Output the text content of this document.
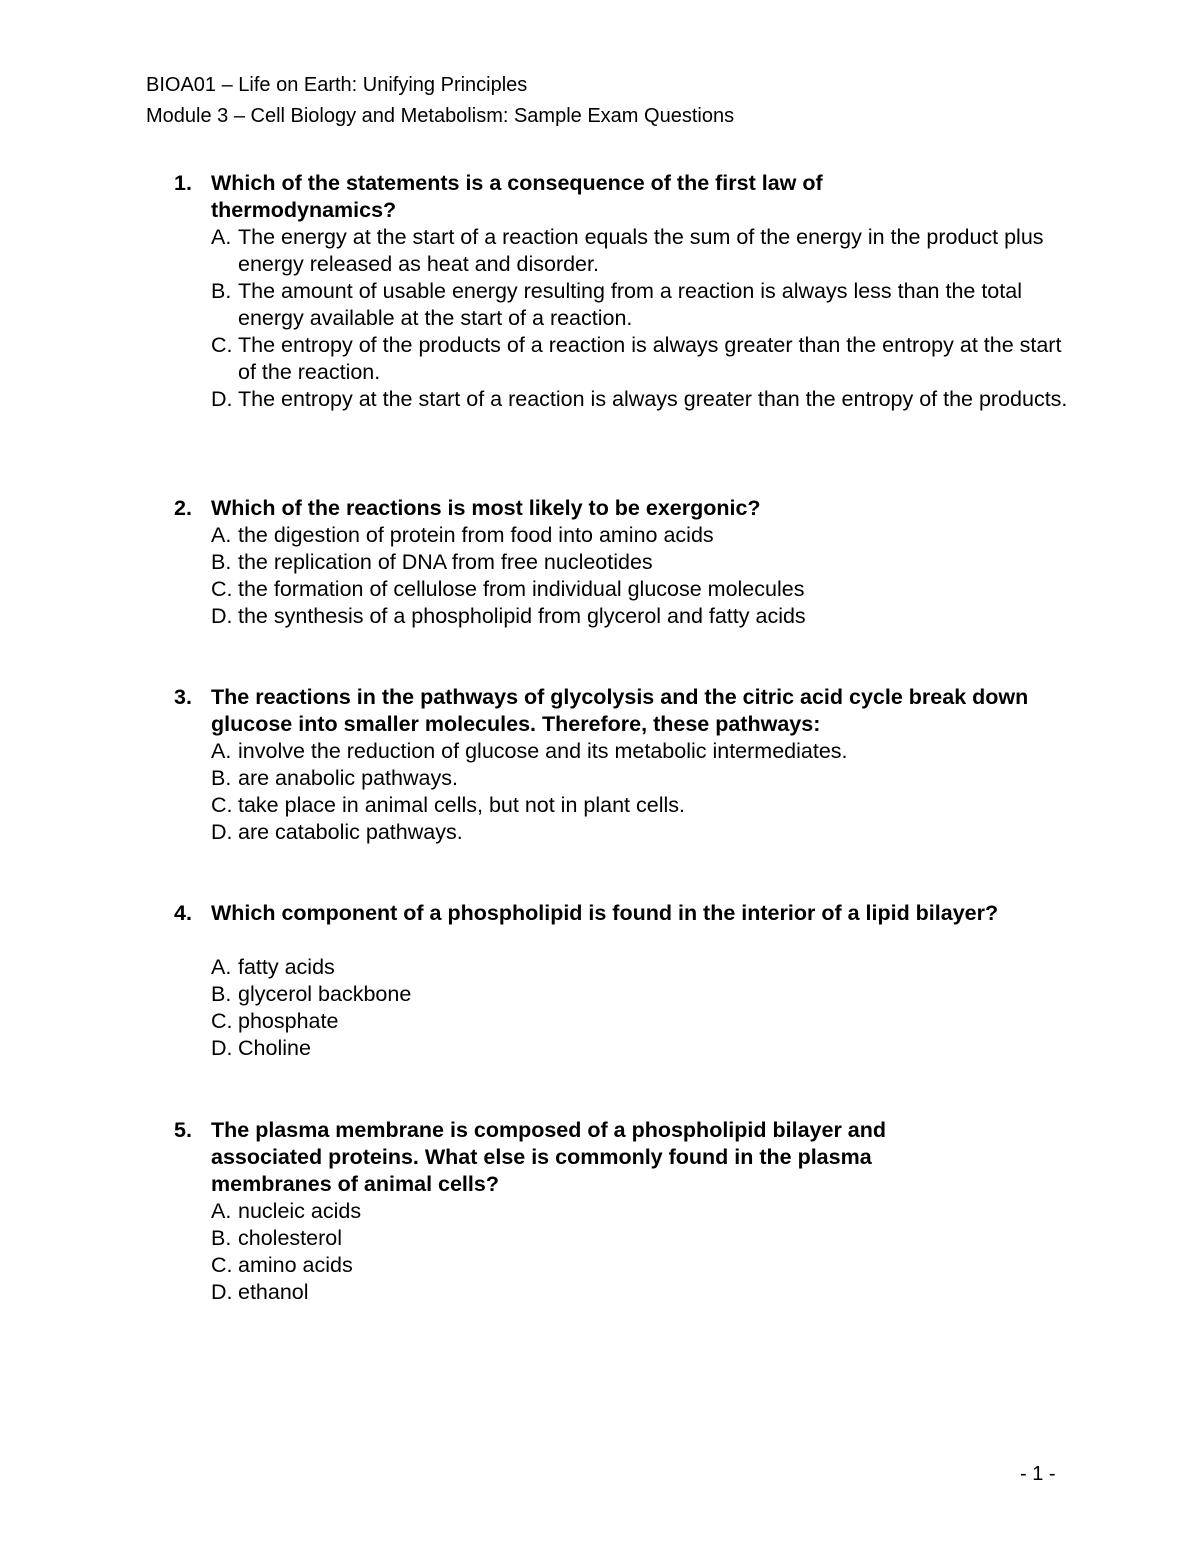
BIOA01 – Life on Earth: Unifying Principles
Module 3 – Cell Biology and Metabolism: Sample Exam Questions
1. Which of the statements is a consequence of the first law of thermodynamics?
A. The energy at the start of a reaction equals the sum of the energy in the product plus energy released as heat and disorder.
B. The amount of usable energy resulting from a reaction is always less than the total energy available at the start of a reaction.
C. The entropy of the products of a reaction is always greater than the entropy at the start of the reaction.
D. The entropy at the start of a reaction is always greater than the entropy of the products.
2. Which of the reactions is most likely to be exergonic?
A. the digestion of protein from food into amino acids
B. the replication of DNA from free nucleotides
C. the formation of cellulose from individual glucose molecules
D. the synthesis of a phospholipid from glycerol and fatty acids
3. The reactions in the pathways of glycolysis and the citric acid cycle break down glucose into smaller molecules. Therefore, these pathways:
A. involve the reduction of glucose and its metabolic intermediates.
B. are anabolic pathways.
C. take place in animal cells, but not in plant cells.
D. are catabolic pathways.
4. Which component of a phospholipid is found in the interior of a lipid bilayer?
A. fatty acids
B. glycerol backbone
C. phosphate
D. Choline
5. The plasma membrane is composed of a phospholipid bilayer and associated proteins. What else is commonly found in the plasma membranes of animal cells?
A. nucleic acids
B. cholesterol
C. amino acids
D. ethanol
- 1 -
